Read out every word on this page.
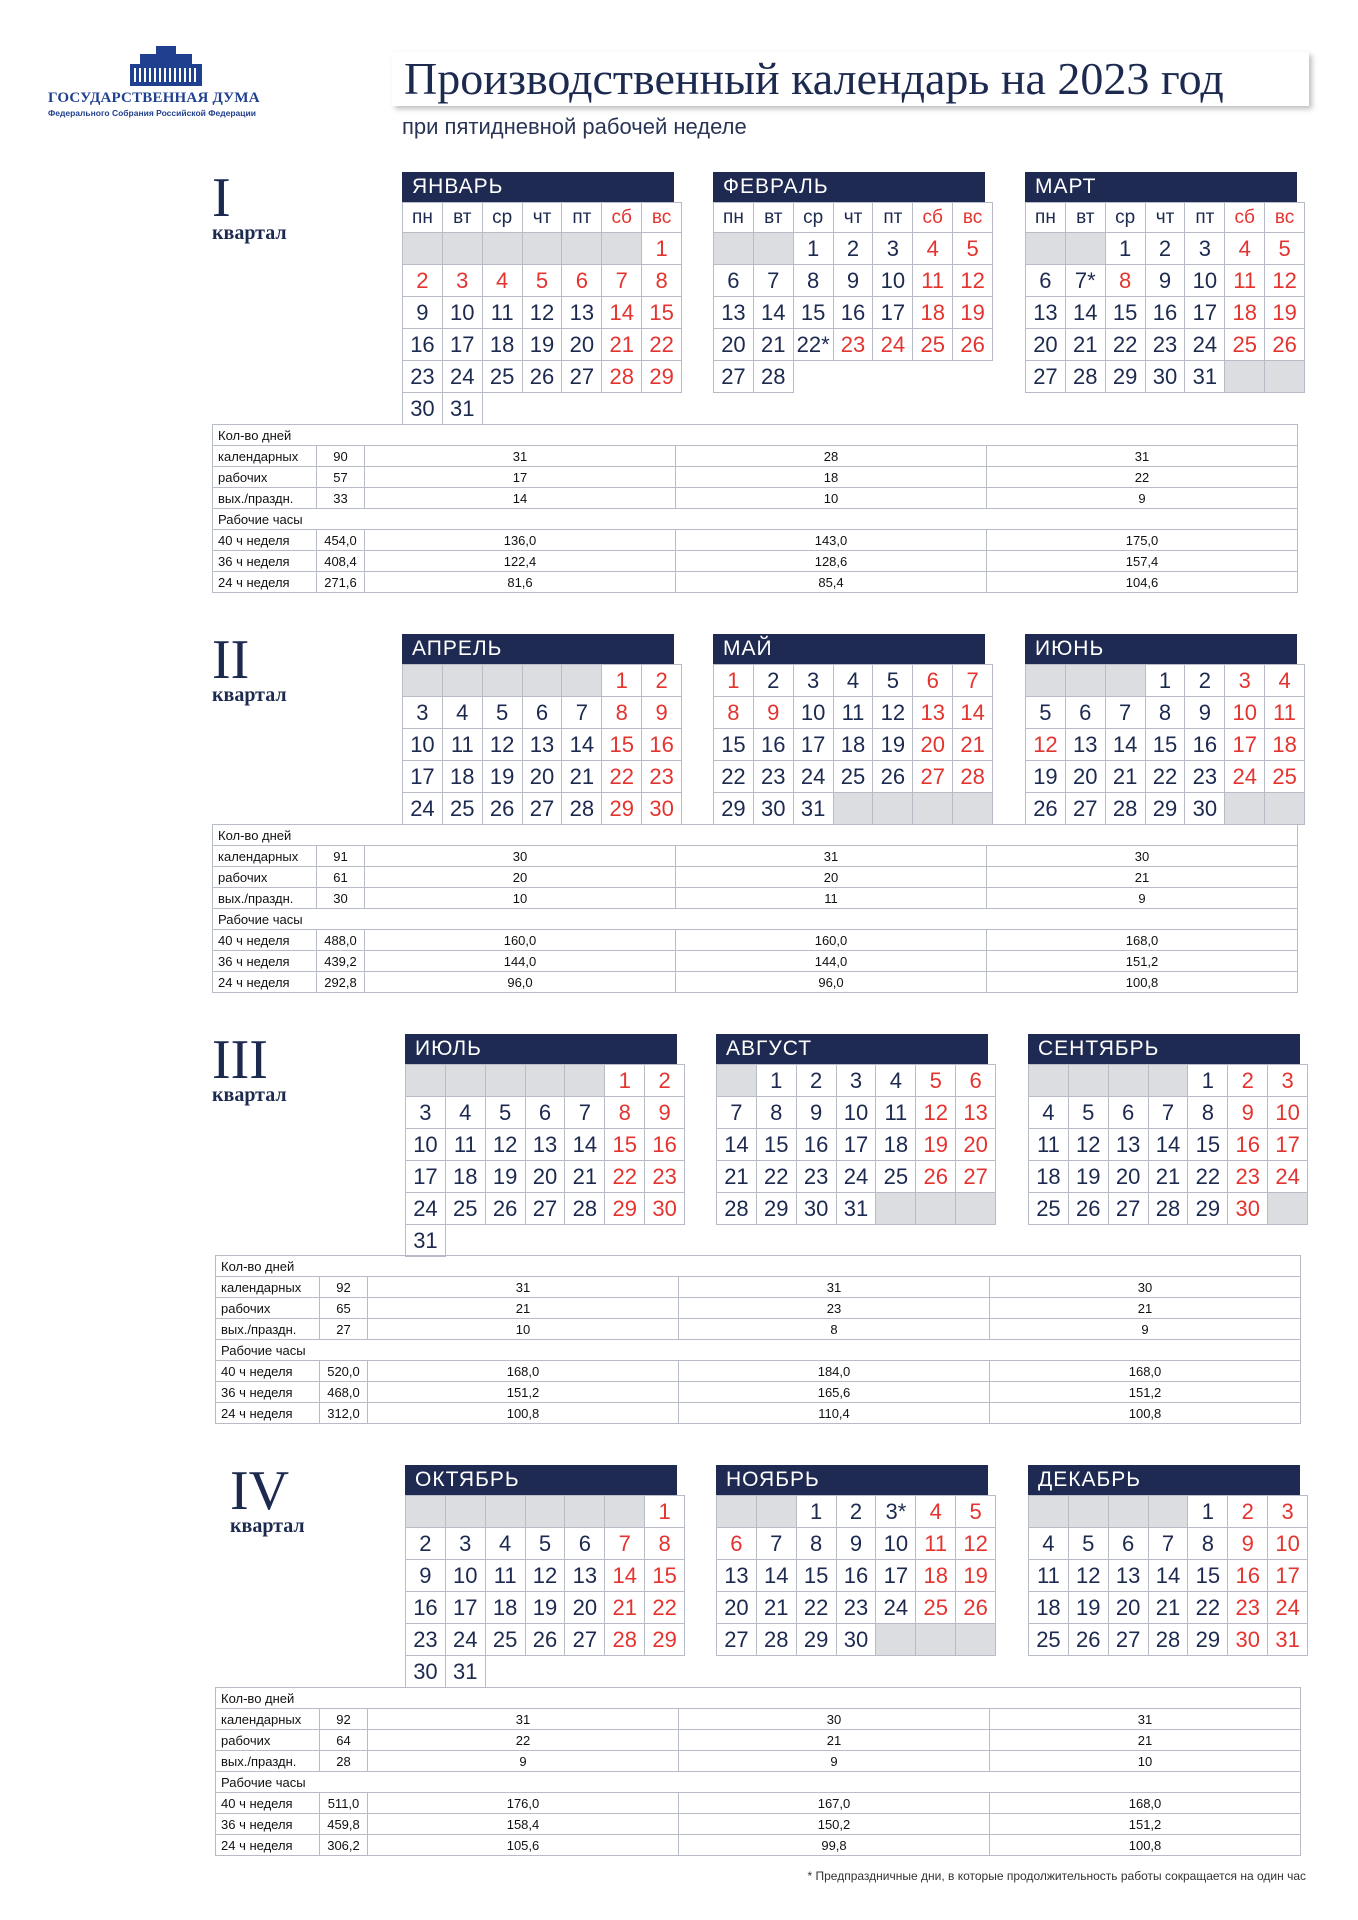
ГОСУДАРСТВЕННАЯ ДУМА
Федерального Собрания Российской Федерации
Производственный календарь на 2023 год
при пятидневной рабочей неделе
I
квартал
ЯНВАРЬ
пн	вт	ср	чт	пт	сб	вс
						1
2	3	4	5	6	7	8
9	10	11	12	13	14	15
16	17	18	19	20	21	22
23	24	25	26	27	28	29
30	31					
ФЕВРАЛЬ
пн	вт	ср	чт	пт	сб	вс
		1	2	3	4	5
6	7	8	9	10	11	12
13	14	15	16	17	18	19
20	21	22*	23	24	25	26
27	28					
МАРТ
пн	вт	ср	чт	пт	сб	вс
		1	2	3	4	5
6	7*	8	9	10	11	12
13	14	15	16	17	18	19
20	21	22	23	24	25	26
27	28	29	30	31		
Кол-во дней				
календарных	90	31	28	31
рабочих	57	17	18	22
вых./праздн.	33	14	10	9
Рабочие часы				
40 ч неделя	454,0	136,0	143,0	175,0
36 ч неделя	408,4	122,4	128,6	157,4
24 ч неделя	271,6	81,6	85,4	104,6
II
квартал
АПРЕЛЬ
					1	2
3	4	5	6	7	8	9
10	11	12	13	14	15	16
17	18	19	20	21	22	23
24	25	26	27	28	29	30
МАЙ
1	2	3	4	5	6	7
8	9	10	11	12	13	14
15	16	17	18	19	20	21
22	23	24	25	26	27	28
29	30	31				
ИЮНЬ
			1	2	3	4
5	6	7	8	9	10	11
12	13	14	15	16	17	18
19	20	21	22	23	24	25
26	27	28	29	30		
Кол-во дней				
календарных	91	30	31	30
рабочих	61	20	20	21
вых./праздн.	30	10	11	9
Рабочие часы				
40 ч неделя	488,0	160,0	160,0	168,0
36 ч неделя	439,2	144,0	144,0	151,2
24 ч неделя	292,8	96,0	96,0	100,8
III
квартал
ИЮЛЬ
					1	2
3	4	5	6	7	8	9
10	11	12	13	14	15	16
17	18	19	20	21	22	23
24	25	26	27	28	29	30
31						
АВГУСТ
	1	2	3	4	5	6
7	8	9	10	11	12	13
14	15	16	17	18	19	20
21	22	23	24	25	26	27
28	29	30	31			
СЕНТЯБРЬ
				1	2	3
4	5	6	7	8	9	10
11	12	13	14	15	16	17
18	19	20	21	22	23	24
25	26	27	28	29	30	
Кол-во дней				
календарных	92	31	31	30
рабочих	65	21	23	21
вых./праздн.	27	10	8	9
Рабочие часы				
40 ч неделя	520,0	168,0	184,0	168,0
36 ч неделя	468,0	151,2	165,6	151,2
24 ч неделя	312,0	100,8	110,4	100,8
IV
квартал
ОКТЯБРЬ
						1
2	3	4	5	6	7	8
9	10	11	12	13	14	15
16	17	18	19	20	21	22
23	24	25	26	27	28	29
30	31					
НОЯБРЬ
		1	2	3*	4	5
6	7	8	9	10	11	12
13	14	15	16	17	18	19
20	21	22	23	24	25	26
27	28	29	30			
ДЕКАБРЬ
				1	2	3
4	5	6	7	8	9	10
11	12	13	14	15	16	17
18	19	20	21	22	23	24
25	26	27	28	29	30	31
Кол-во дней				
календарных	92	31	30	31
рабочих	64	22	21	21
вых./праздн.	28	9	9	10
Рабочие часы				
40 ч неделя	511,0	176,0	167,0	168,0
36 ч неделя	459,8	158,4	150,2	151,2
24 ч неделя	306,2	105,6	99,8	100,8
* Предпраздничные дни, в которые продолжительность работы сокращается на один час
